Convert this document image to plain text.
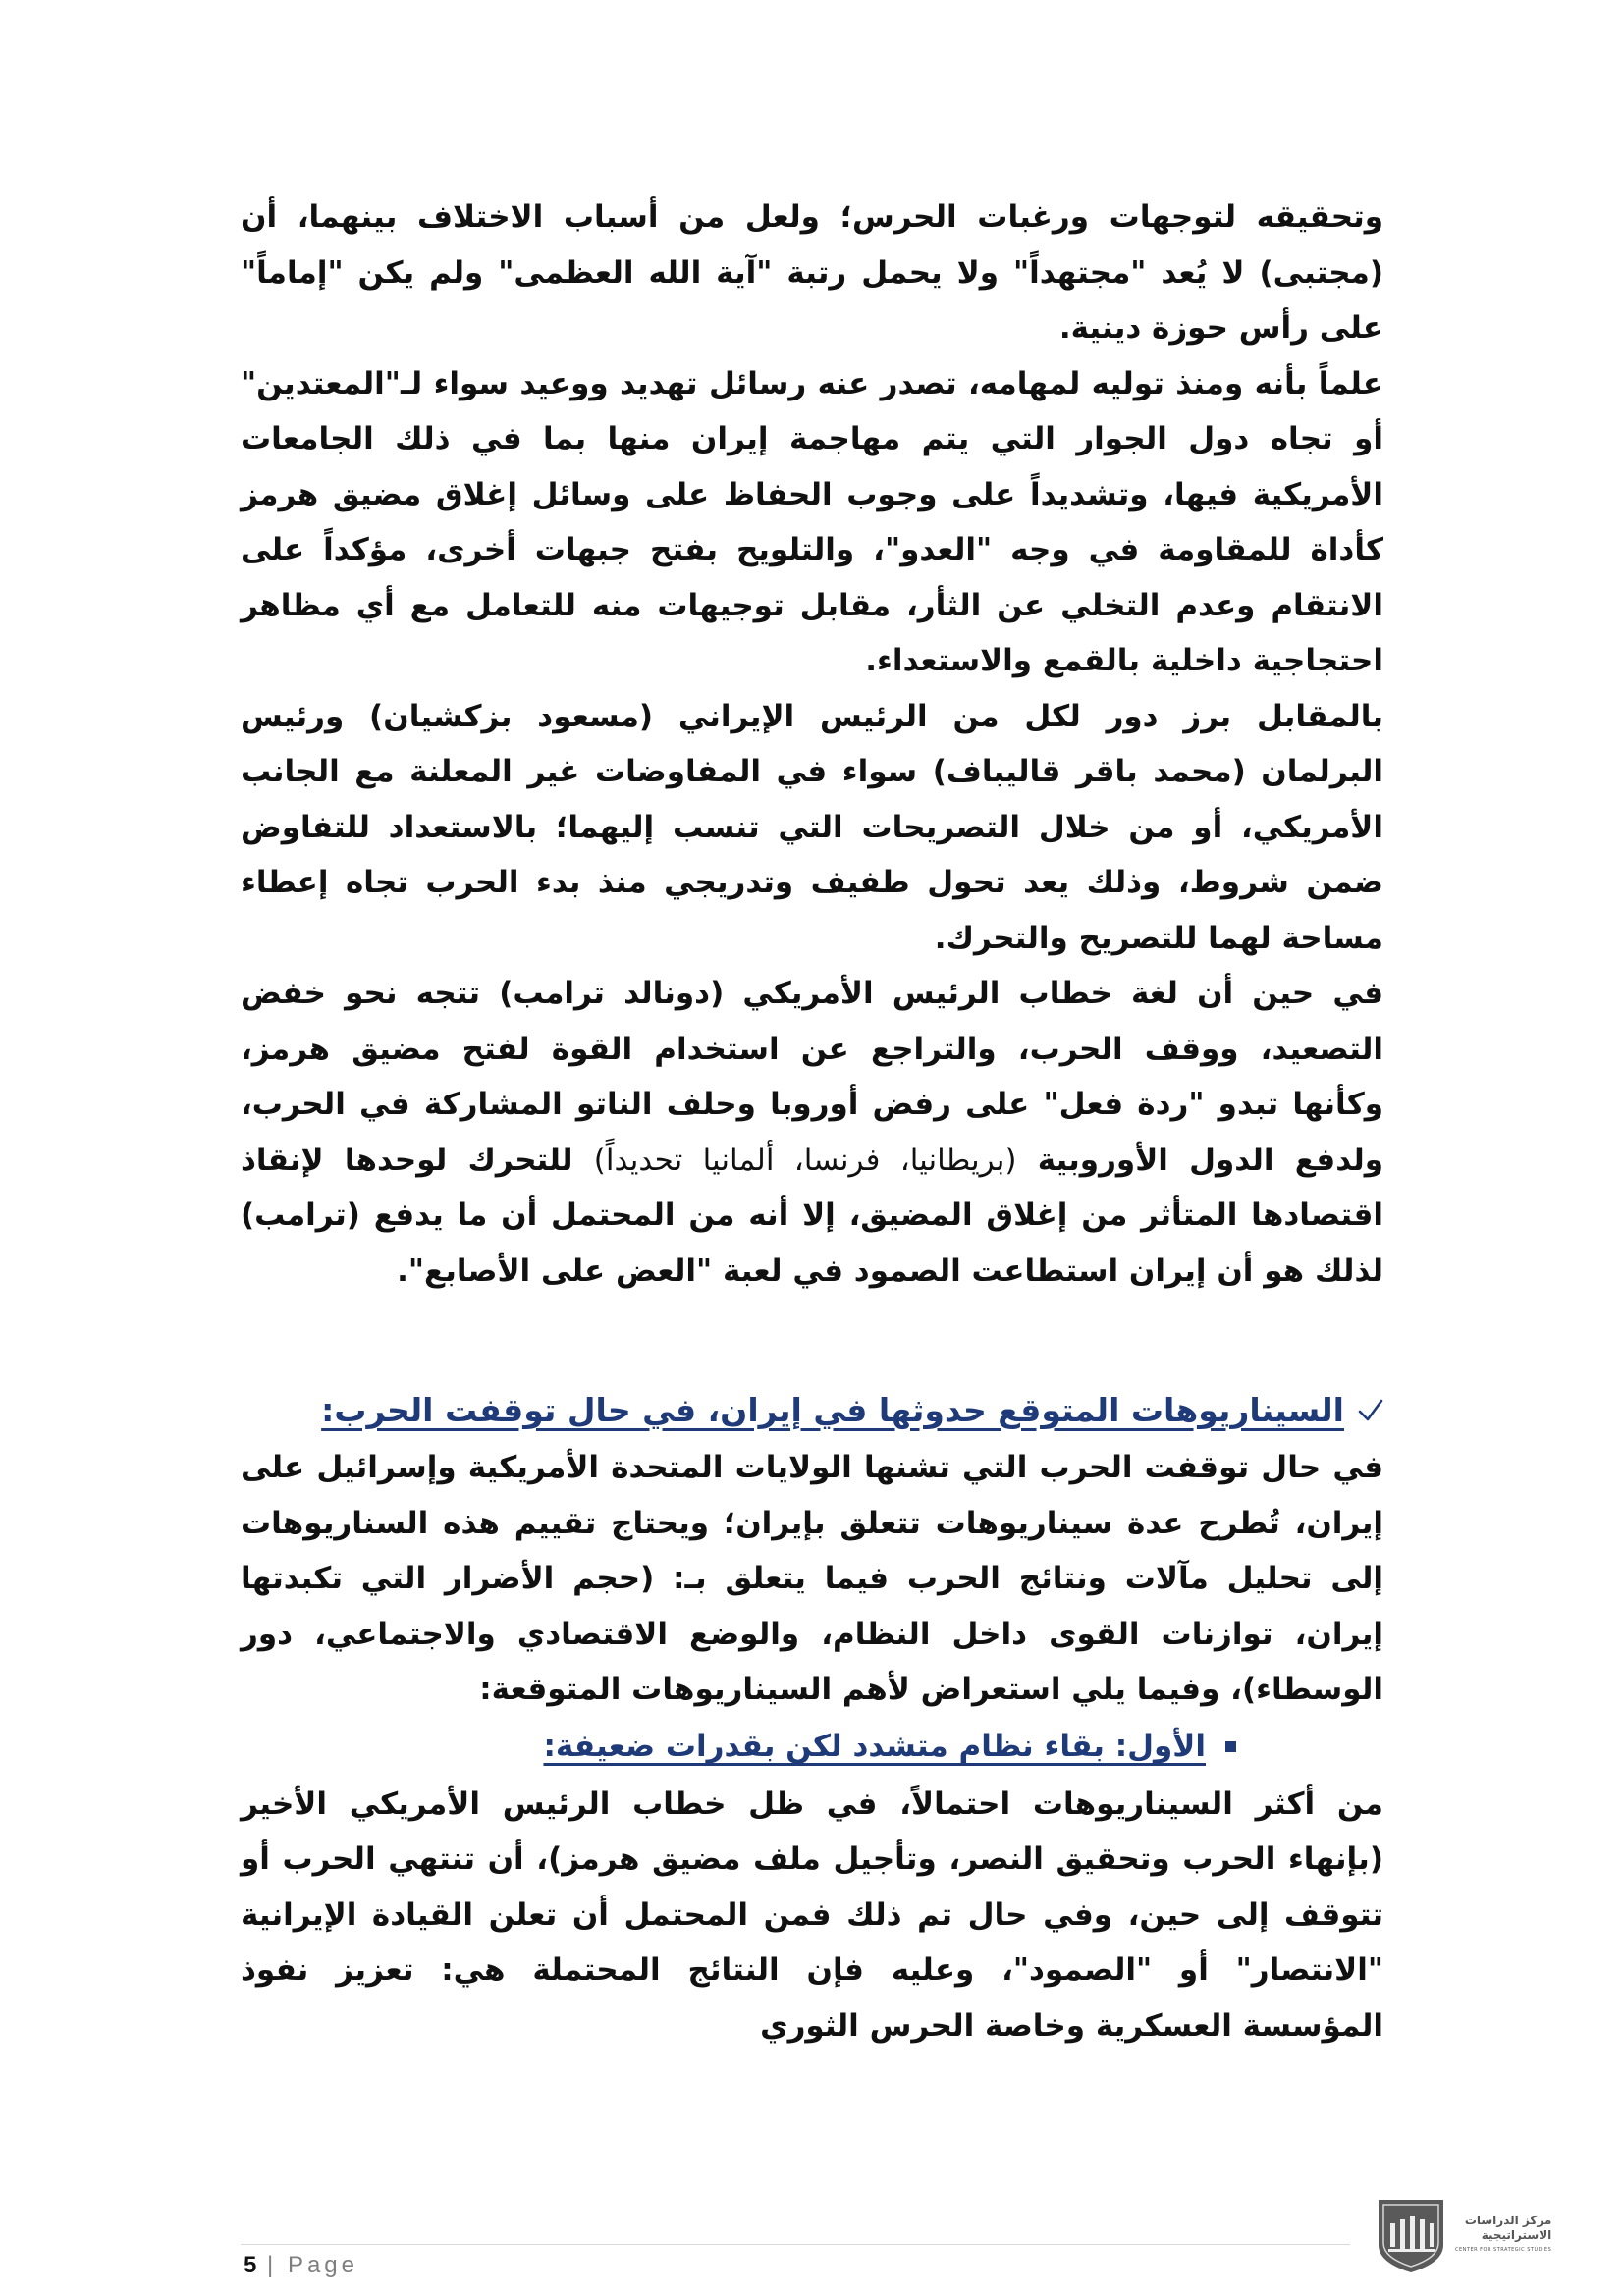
وتحقيقه لتوجهات ورغبات الحرس؛ ولعل من أسباب الاختلاف بينهما، أن (مجتبى) لا يُعد "مجتهداً" ولا يحمل رتبة "آية الله العظمى" ولم يكن "إماماً" على رأس حوزة دينية.

علماً بأنه ومنذ توليه لمهامه، تصدر عنه رسائل تهديد ووعيد سواء لـ"المعتدين" أو تجاه دول الجوار التي يتم مهاجمة إيران منها بما في ذلك الجامعات الأمريكية فيها، وتشديداً على وجوب الحفاظ على وسائل إغلاق مضيق هرمز كأداة للمقاومة في وجه "العدو"، والتلويح بفتح جبهات أخرى، مؤكداً على الانتقام وعدم التخلي عن الثأر، مقابل توجيهات منه للتعامل مع أي مظاهر احتجاجية داخلية بالقمع والاستعداء.

بالمقابل برز دور لكل من الرئيس الإيراني (مسعود بزكشيان) ورئيس البرلمان (محمد باقر قاليباف) سواء في المفاوضات غير المعلنة مع الجانب الأمريكي، أو من خلال التصريحات التي تنسب إليهما؛ بالاستعداد للتفاوض ضمن شروط، وذلك يعد تحول طفيف وتدريجي منذ بدء الحرب تجاه إعطاء مساحة لهما للتصريح والتحرك.

في حين أن لغة خطاب الرئيس الأمريكي (دونالد ترامب) تتجه نحو خفض التصعيد، ووقف الحرب، والتراجع عن استخدام القوة لفتح مضيق هرمز، وكأنها تبدو "ردة فعل" على رفض أوروبا وحلف الناتو المشاركة في الحرب، ولدفع الدول الأوروبية (بريطانيا، فرنسا، ألمانيا تحديداً) للتحرك لوحدها لإنقاذ اقتصادها المتأثر من إغلاق المضيق، إلا أنه من المحتمل أن ما يدفع (ترامب) لذلك هو أن إيران استطاعت الصمود في لعبة "العض على الأصابع".

السيناريوهات المتوقع حدوثها في إيران، في حال توقفت الحرب:

في حال توقفت الحرب التي تشنها الولايات المتحدة الأمريكية وإسرائيل على إيران، تُطرح عدة سيناريوهات تتعلق بإيران؛ ويحتاج تقييم هذه السناريوهات إلى تحليل مآلات ونتائج الحرب فيما يتعلق بـ: (حجم الأضرار التي تكبدتها إيران، توازنات القوى داخل النظام، والوضع الاقتصادي والاجتماعي، دور الوسطاء)، وفيما يلي استعراض لأهم السيناريوهات المتوقعة:

الأول: بقاء نظام متشدد لكن بقدرات ضعيفة:

من أكثر السيناريوهات احتمالاً، في ظل خطاب الرئيس الأمريكي الأخير (بإنهاء الحرب وتحقيق النصر، وتأجيل ملف مضيق هرمز)، أن تنتهي الحرب أو تتوقف إلى حين، وفي حال تم ذلك فمن المحتمل أن تعلن القيادة الإيرانية "الانتصار" أو "الصمود"، وعليه فإن النتائج المحتملة هي: تعزيز نفوذ المؤسسة العسكرية وخاصة الحرس الثوري

5 | Page
مركز الدراسات
الاستراتيجية
CENTER FOR STRATEGIC STUDIES
